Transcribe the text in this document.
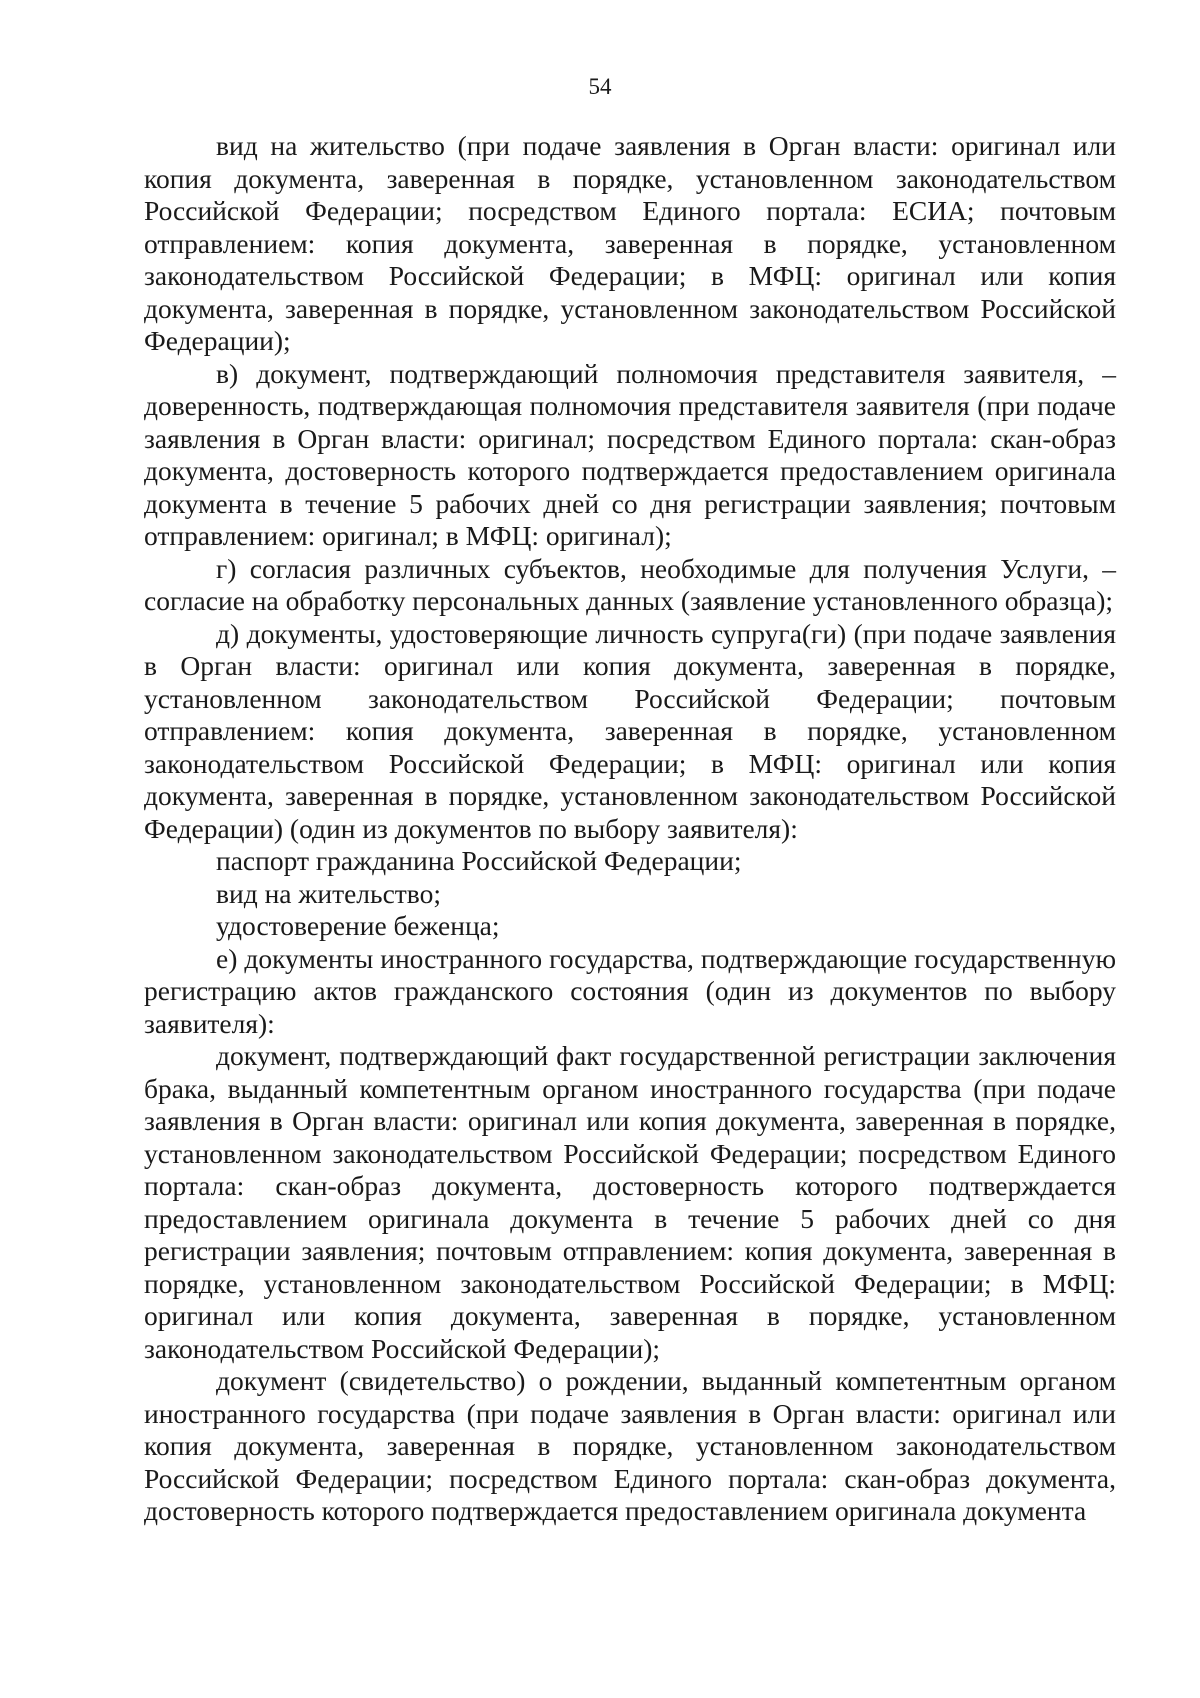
54

вид на жительство (при подаче заявления в Орган власти: оригинал или копия документа, заверенная в порядке, установленном законодательством Российской Федерации; посредством Единого портала: ЕСИА; почтовым отправлением: копия документа, заверенная в порядке, установленном законодательством Российской Федерации; в МФЦ: оригинал или копия документа, заверенная в порядке, установленном законодательством Российской Федерации);

в) документ, подтверждающий полномочия представителя заявителя, – доверенность, подтверждающая полномочия представителя заявителя (при подаче заявления в Орган власти: оригинал; посредством Единого портала: скан-образ документа, достоверность которого подтверждается предоставлением оригинала документа в течение 5 рабочих дней со дня регистрации заявления; почтовым отправлением: оригинал; в МФЦ: оригинал);

г) согласия различных субъектов, необходимые для получения Услуги, – согласие на обработку персональных данных (заявление установленного образца);

д) документы, удостоверяющие личность супруга(ги) (при подаче заявления в Орган власти: оригинал или копия документа, заверенная в порядке, установленном законодательством Российской Федерации; почтовым отправлением: копия документа, заверенная в порядке, установленном законодательством Российской Федерации; в МФЦ: оригинал или копия документа, заверенная в порядке, установленном законодательством Российской Федерации) (один из документов по выбору заявителя):

паспорт гражданина Российской Федерации;

вид на жительство;

удостоверение беженца;

е) документы иностранного государства, подтверждающие государственную регистрацию актов гражданского состояния (один из документов по выбору заявителя):

документ, подтверждающий факт государственной регистрации заключения брака, выданный компетентным органом иностранного государства (при подаче заявления в Орган власти: оригинал или копия документа, заверенная в порядке, установленном законодательством Российской Федерации; посредством Единого портала: скан-образ документа, достоверность которого подтверждается предоставлением оригинала документа в течение 5 рабочих дней со дня регистрации заявления; почтовым отправлением: копия документа, заверенная в порядке, установленном законодательством Российской Федерации; в МФЦ: оригинал или копия документа, заверенная в порядке, установленном законодательством Российской Федерации);

документ (свидетельство) о рождении, выданный компетентным органом иностранного государства (при подаче заявления в Орган власти: оригинал или копия документа, заверенная в порядке, установленном законодательством Российской Федерации; посредством Единого портала: скан-образ документа, достоверность которого подтверждается предоставлением оригинала документа
